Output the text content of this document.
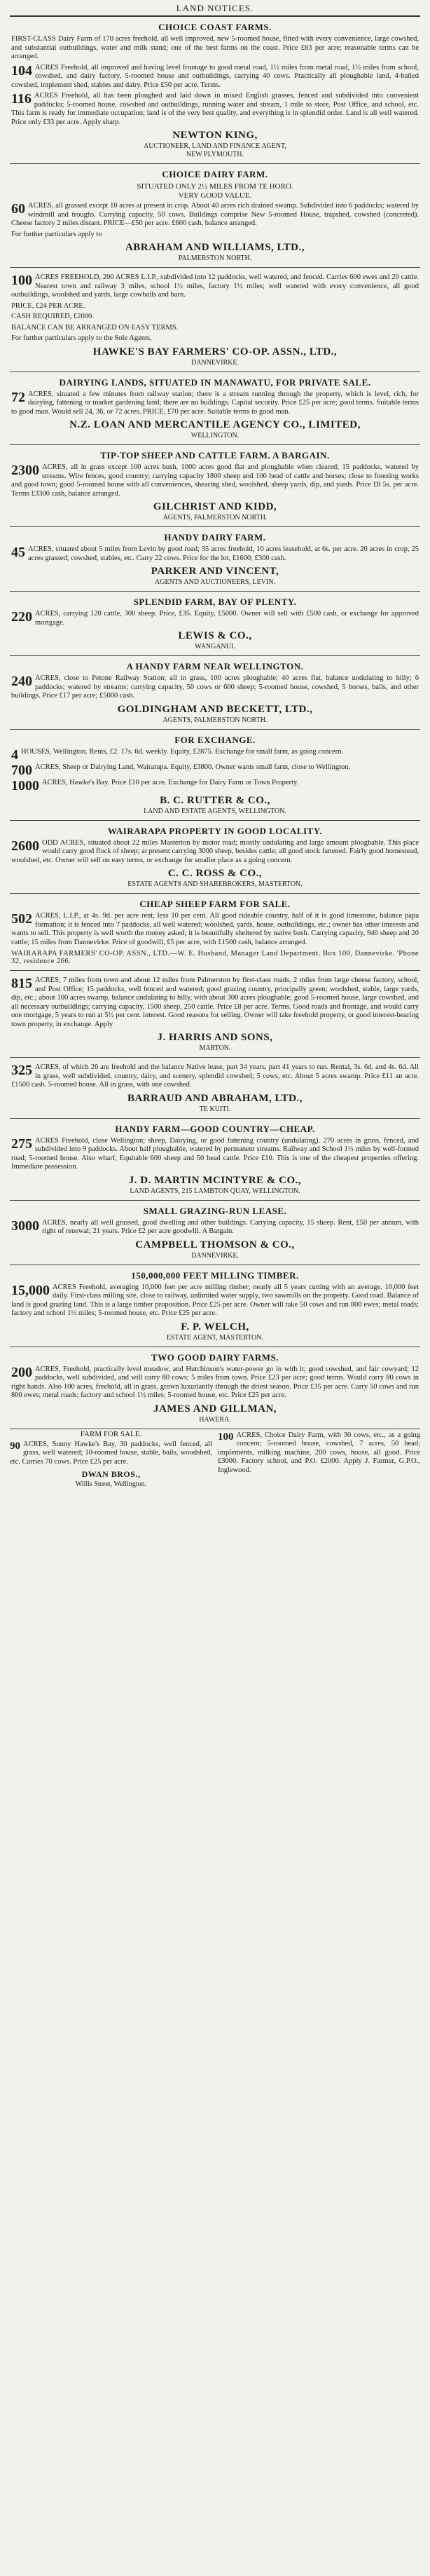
LAND NOTICES.
CHOICE COAST FARMS.
FIRST-CLASS Dairy Farm of 170 acres freehold, all well improved, new 5-roomed house, fitted with every convenience, large cowshed, and substantial outbuildings, water and milk stand; one of the best farms on the coast. Price £83 per acre; reasonable terms can be arranged.
104 ACRES Freehold, all improved and having level frontage to good metal road, 1½ miles from metal road, 1½ miles from school, cowshed, and dairy factory, 5-roomed house and outbuildings, carrying 40 cows. Practically all ploughable land, 4-bailed cowshed, implement shed, stables and dairy. Price £50 per acre. Terms.
116 ACRES Freehold, all has been ploughed and laid down in mixed English grasses, fenced and subdivided into convenient paddocks; 5-roomed house, cowshed and outbuildings, running water and stream, 1 mile to store, Post Office, and school, etc. This farm is ready for immediate occupation; land is of the very best quality, and everything is in splendid order. Land is all well watered. Price only £33 per acre. Apply sharp.
NEWTON KING,
AUCTIONEER, LAND AND FINANCE AGENT,
NEW PLYMOUTH.
CHOICE DAIRY FARM.
SITUATED ONLY 2½ MILES FROM TE HORO.
VERY GOOD VALUE.
60 ACRES, all grassed except 10 acres at present in crop. About 40 acres rich drained swamp. Subdivided into 6 paddocks; watered by windmill and troughs. Carrying capacity, 50 cows. Buildings comprise New 5-roomed House, trapshed, cowshed (concreted). Cheese factory 2 miles distant. PRICE—£50 per acre. £600 cash, balance arranged.
For further particulars apply to
ABRAHAM AND WILLIAMS, LTD.,
PALMERSTON NORTH.
100 ACRES FREEHOLD, 200 ACRES L.I.P., subdivided into 12 paddocks, well watered, and fenced. Carries 600 ewes and 20 cattle. Nearest town and railway 3 miles, school 1½ miles, factory 1½ miles; well watered with every convenience, all good outbuildings, woolshed and yards, large cowbails and barn.
PRICE, £24 PER ACRE.
CASH REQUIRED, £2000.
BALANCE CAN BE ARRANGED ON EASY TERMS.
For further particulars apply to the Sole Agents,
HAWKE'S BAY FARMERS' CO-OP. ASSN., LTD.,
DANNEVIRKE.
DAIRYING LANDS, SITUATED IN MANAWATU, FOR PRIVATE SALE.
72 ACRES, situated a few minutes from railway station; there is a stream running through the property, which is level, rich, for dairying, fattening or market gardening land; there are no buildings. Capital security. Price £25 per acre; good terms. Suitable terms to good man. Would sell 24, 36, or 72 acres. PRICE, £70 per acre. Suitable terms to good man.
N.Z. LOAN AND MERCANTILE AGENCY CO., LIMITED,
WELLINGTON.
TIP-TOP SHEEP AND CATTLE FARM. A BARGAIN.
2300 ACRES, all in grass except 100 acres bush, 1000 acres good flat and ploughable when cleared; 15 paddocks, watered by streams. Wire fences, good country; carrying capacity 1800 sheep and 100 head of cattle and horses; close to freezing works and good town; good 5-roomed house with all conveniences, shearing shed, woolshed, sheep yards, dip, and yards. Price £8 5s. per acre. Terms £3300 cash, balance arranged.
GILCHRIST AND KIDD,
AGENTS, PALMERSTON NORTH.
HANDY DAIRY FARM.
45 ACRES, situated about 5 miles from Levin by good road; 35 acres freehold, 10 acres leasehold, at 6s. per acre. 20 acres in crop, 25 acres grassed; cowshed, stables, etc. Carry 22 cows. Price for the lot, £1600; £300 cash.
PARKER AND VINCENT,
AGENTS AND AUCTIONEERS, LEVIN.
SPLENDID FARM, BAY OF PLENTY.
220 ACRES, carrying 120 cattle, 300 sheep. Price, £35. Equity, £5000. Owner will sell with £500 cash, or exchange for approved mortgage.
LEWIS & CO.,
WANGANUI.
A HANDY FARM NEAR WELLINGTON.
240 ACRES, close to Petone Railway Station; all in grass, 100 acres ploughable; 40 acres flat, balance undulating to hilly; 6 paddocks; watered by streams; carrying capacity, 50 cows or 600 sheep; 5-roomed house, cowshed, 5 horses, bails, and other buildings. Price £17 per acre; £5000 cash.
GOLDINGHAM AND BECKETT, LTD.,
AGENTS, PALMERSTON NORTH.
FOR EXCHANGE.
4 HOUSES, Wellington. Rents, £2. 17s. 6d. weekly. Equity, £2875. Exchange for small farm, as going concern.
700 ACRES, Sheep or Dairying Land, Wairarapa. Equity, £3800. Owner wants small farm, close to Wellington.
1000 ACRES, Hawke's Bay. Price £10 per acre. Exchange for Dairy Farm or Town Property.
B. C. RUTTER & CO.,
LAND AND ESTATE AGENTS, WELLINGTON.
WAIRARAPA PROPERTY IN GOOD LOCALITY.
2600 ODD ACRES, situated about 22 miles Masterton by motor road; mostly undulating and large amount ploughable. This place would carry good flock of sheep; at present carrying 3000 sheep, besides cattle; all good stock fattened. Fairly good homestead, woolshed, etc. Owner will sell on easy terms, or exchange for smaller place as a going concern.
C. C. ROSS & CO.,
ESTATE AGENTS AND SHAREBROKERS, MASTERTON.
CHEAP SHEEP FARM FOR SALE.
502 ACRES, L.I.P., at 4s. 9d. per acre rent, less 10 per cent. All good rideable country, half of it is good limestone, balance papa formation; it is fenced into 7 paddocks, all well watered; woolshed, yards, house, outbuildings, etc.; owner has other interests and wants to sell. This property is well worth the money asked; it is beautifully sheltered by native bush. Carrying capacity, 940 sheep and 20 cattle; 15 miles from Dannevirke. Price of goodwill, £5 per acre, with £1500 cash, balance arranged.
WAIRARAPA FARMERS' CO-OP. ASSN., LTD.—W. E. Husband, Manager Land Department. Box 100, Dannevirke. 'Phone 32, residence 266.
815 ACRES, 7 miles from town and about 12 miles from Palmerston by first-class roads, 2 miles from large cheese factory, school, and Post Office; 15 paddocks, well fenced and watered; good grazing country, principally green; woolshed, stable, large yards, dip, etc.; about 100 acres swamp, balance undulating to hilly, with about 300 acres ploughable; good 5-roomed house, large cowshed, and all necessary outbuildings; carrying capacity, 1500 sheep, 250 cattle. Price £8 per acre. Terms. Good roads and frontage, and would carry one mortgage, 5 years to run at 5½ per cent. interest. Good reasons for selling. Owner will take freehold property, or good interest-bearing town property, in exchange. Apply
J. HARRIS AND SONS,
MARTON.
325 ACRES, of which 26 are freehold and the balance Native lease, part 34 years, part 41 years to run. Rental, 3s. 6d. and 4s. 6d. All in grass, well subdivided, country, dairy, and scenery, splendid cowshed; 5 cows, etc. About 5 acres swamp. Price £11 an acre. £1500 cash. 5-roomed house. All in grass, with one cowshed.
BARRAUD AND ABRAHAM, LTD.,
TE KUITI.
HANDY FARM—GOOD COUNTRY—CHEAP.
275 ACRES Freehold, close Wellington; sheep, Dairying, or good fattening country (undulating). 270 acres in grass, fenced, and subdivided into 9 paddocks. About half ploughable, watered by permanent streams. Railway and School 1½ miles by well-formed road; 5-roomed house. Also wharf, Equitable 600 sheep and 50 head cattle. Price £10. This is one of the cheapest properties offering. Immediate possession.
J. D. MARTIN MCINTYRE & CO.,
LAND AGENTS, 215 LAMBTON QUAY, WELLINGTON.
SMALL GRAZING-RUN LEASE.
3000 ACRES, nearly all well grassed, good dwelling and other buildings. Carrying capacity, 15 sheep. Rent, £50 per annum, with right of renewal; 21 years. Price £2 per acre goodwill. A Bargain.
CAMPBELL THOMSON & CO.,
DANNEVIRKE.
150,000,000 FEET MILLING TIMBER.
15,000 ACRES Freehold, averaging 10,000 feet per acre milling timber; nearly all 5 years cutting with an average, 10,000 feet daily. First-class milling site, close to railway, unlimited water supply, two sawmills on the property. Good road. Balance of land is good grazing land. This is a large timber proposition. Price £25 per acre. Owner will take 50 cows and run 800 ewes; metal roads; factory and school 1½ miles; 5-roomed house, etc. Price £25 per acre.
F. P. WELCH,
ESTATE AGENT, MASTERTON.
TWO GOOD DAIRY FARMS.
200 ACRES, Freehold, practically level meadow, and Hutchinson's water-power go in with it; good cowshed, and fair cowyard; 12 paddocks, well subdivided, and will carry 80 cows; 5 miles from town. Price £23 per acre; good terms. Would carry 80 cows in right hands. Also 100 acres, freehold, all in grass, grown luxuriantly through the driest season. Price £35 per acre. Carry 50 cows and run 800 ewes; metal roads; factory and school 1½ miles; 5-roomed house, etc. Price £25 per acre.
JAMES AND GILLMAN,
HAWERA.
FARM FOR SALE.
90 ACRES, Sunny Hawke's Bay, 30 paddocks, well fenced, all grass, well watered; 10-roomed house, stable, bails, woodshed, etc. Carries 70 cows. Price £25 per acre.
DWAN BROS.,
Willis Street, Wellington.
100 ACRES, Choice Dairy Farm, with 30 cows, etc., as a going concern; 5-roomed house, cowshed, 7 acres, 50 head; implements, milking machine, 200 cows, house, all good. Price £3000. Factory school, and P.O. £2000. Apply J. Farmer, G.P.O., Inglewood.
